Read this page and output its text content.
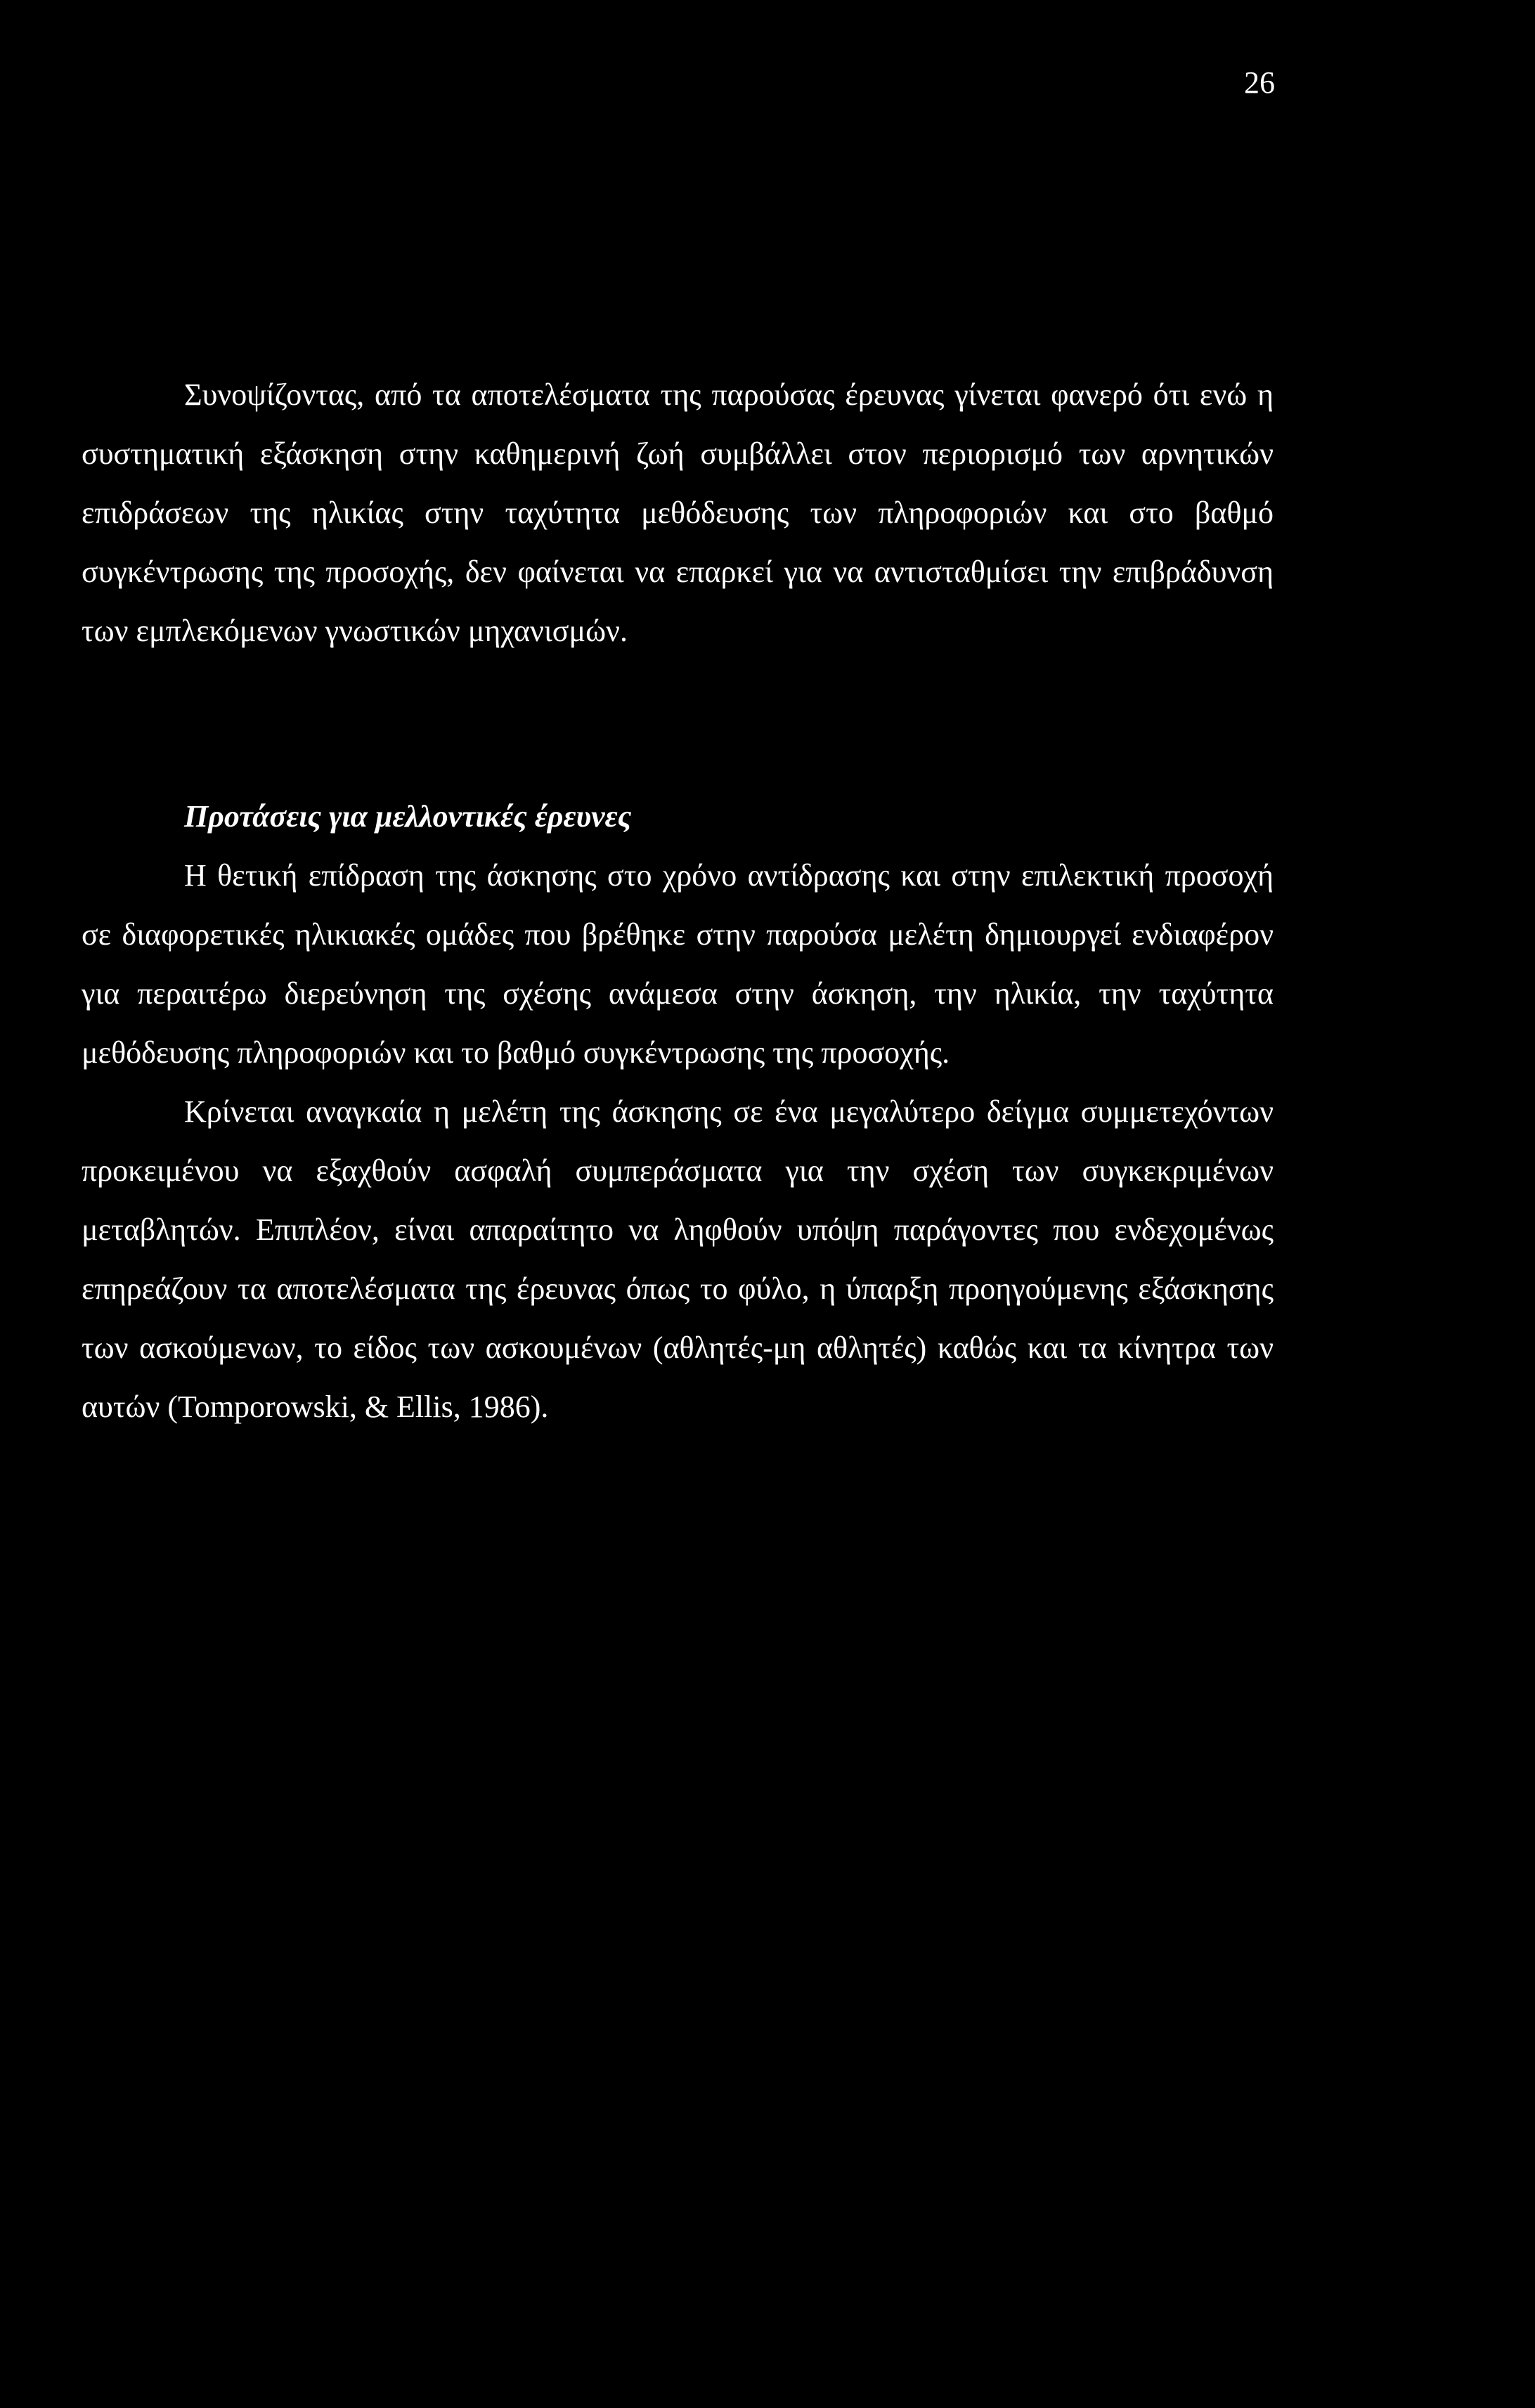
26

Συνοψίζοντας, από τα αποτελέσματα της παρούσας έρευνας γίνεται φανερό ότι ενώ η συστηματική εξάσκηση στην καθημερινή ζωή συμβάλλει στον περιορισμό των αρνητικών επιδράσεων της ηλικίας στην ταχύτητα μεθόδευσης των πληροφοριών και στο βαθμό συγκέντρωσης της προσοχής, δεν φαίνεται να επαρκεί για να αντισταθμίσει την επιβράδυνση των εμπλεκόμενων γνωστικών μηχανισμών.

Προτάσεις για μελλοντικές έρευνες

Η θετική επίδραση της άσκησης στο χρόνο αντίδρασης και στην επιλεκτική προσοχή σε διαφορετικές ηλικιακές ομάδες που βρέθηκε στην παρούσα μελέτη δημιουργεί ενδιαφέρον για περαιτέρω διερεύνηση της σχέσης ανάμεσα στην άσκηση, την ηλικία, την ταχύτητα μεθόδευσης πληροφοριών και το βαθμό συγκέντρωσης της προσοχής.

Κρίνεται αναγκαία η μελέτη της άσκησης σε ένα μεγαλύτερο δείγμα συμμετεχόντων προκειμένου να εξαχθούν ασφαλή συμπεράσματα για την σχέση των συγκεκριμένων μεταβλητών. Επιπλέον, είναι απαραίτητο να ληφθούν υπόψη παράγοντες που ενδεχομένως επηρεάζουν τα αποτελέσματα της έρευνας όπως το φύλο, η ύπαρξη προηγούμενης εξάσκησης των ασκούμενων, το είδος των ασκουμένων (αθλητές-μη αθλητές) καθώς και τα κίνητρα των αυτών (Tomporowski, & Ellis, 1986).
